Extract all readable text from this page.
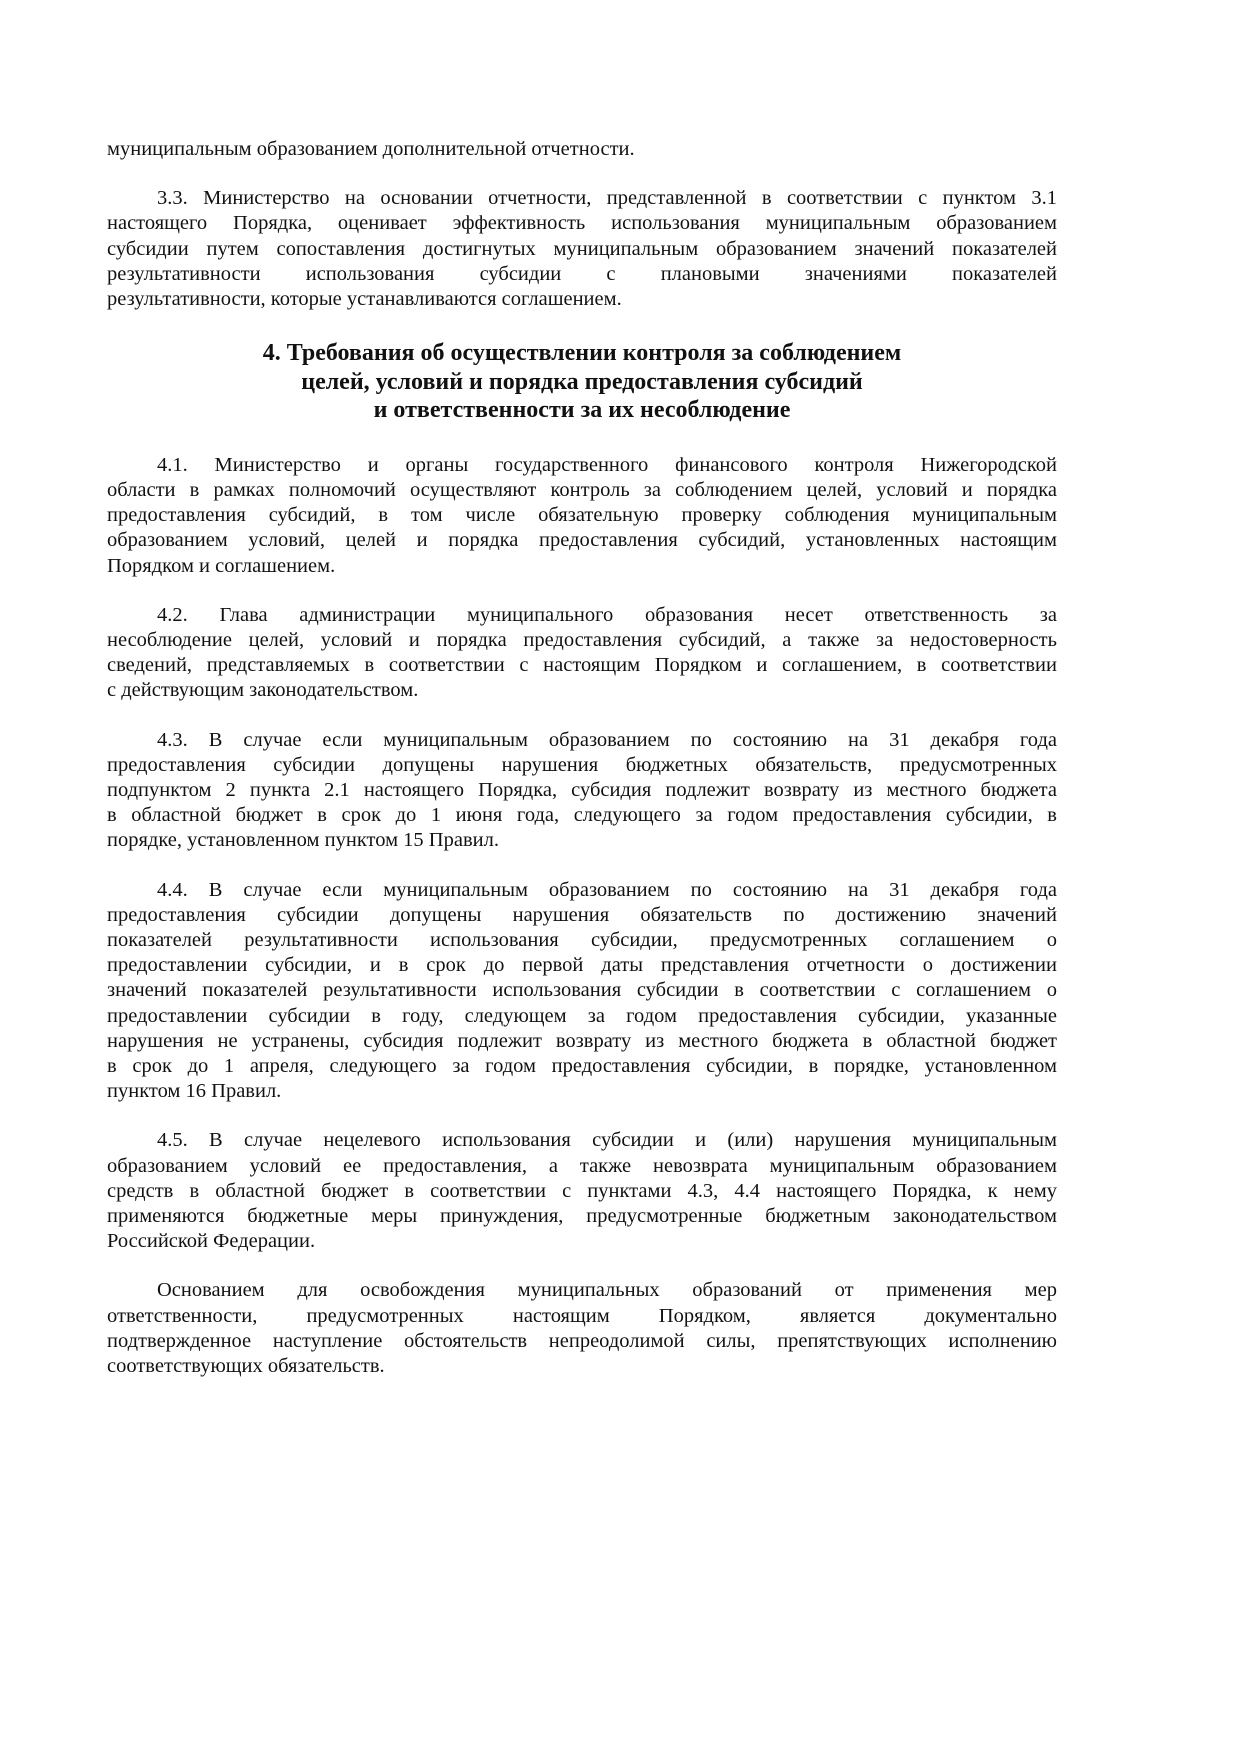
муниципальным образованием дополнительной отчетности.

3.3. Министерство на основании отчетности, представленной в соответствии с пунктом 3.1
настоящего Порядка, оценивает эффективность использования муниципальным образованием
субсидии путем сопоставления достигнутых муниципальным образованием значений показателей
результативности использования субсидии с плановыми значениями показателей
результативности, которые устанавливаются соглашением.

4. Требования об осуществлении контроля за соблюдением
целей, условий и порядка предоставления субсидий
и ответственности за их несоблюдение

4.1. Министерство и органы государственного финансового контроля Нижегородской
области в рамках полномочий осуществляют контроль за соблюдением целей, условий и порядка
предоставления субсидий, в том числе обязательную проверку соблюдения муниципальным
образованием условий, целей и порядка предоставления субсидий, установленных настоящим
Порядком и соглашением.

4.2. Глава администрации муниципального образования несет ответственность за
несоблюдение целей, условий и порядка предоставления субсидий, а также за недостоверность
сведений, представляемых в соответствии с настоящим Порядком и соглашением, в соответствии
с действующим законодательством.

4.3. В случае если муниципальным образованием по состоянию на 31 декабря года
предоставления субсидии допущены нарушения бюджетных обязательств, предусмотренных
подпунктом 2 пункта 2.1 настоящего Порядка, субсидия подлежит возврату из местного бюджета
в областной бюджет в срок до 1 июня года, следующего за годом предоставления субсидии, в
порядке, установленном пунктом 15 Правил.

4.4. В случае если муниципальным образованием по состоянию на 31 декабря года
предоставления субсидии допущены нарушения обязательств по достижению значений
показателей результативности использования субсидии, предусмотренных соглашением о
предоставлении субсидии, и в срок до первой даты представления отчетности о достижении
значений показателей результативности использования субсидии в соответствии с соглашением о
предоставлении субсидии в году, следующем за годом предоставления субсидии, указанные
нарушения не устранены, субсидия подлежит возврату из местного бюджета в областной бюджет
в срок до 1 апреля, следующего за годом предоставления субсидии, в порядке, установленном
пунктом 16 Правил.

4.5. В случае нецелевого использования субсидии и (или) нарушения муниципальным
образованием условий ее предоставления, а также невозврата муниципальным образованием
средств в областной бюджет в соответствии с пунктами 4.3, 4.4 настоящего Порядка, к нему
применяются бюджетные меры принуждения, предусмотренные бюджетным законодательством
Российской Федерации.

Основанием для освобождения муниципальных образований от применения мер
ответственности, предусмотренных настоящим Порядком, является документально
подтвержденное наступление обстоятельств непреодолимой силы, препятствующих исполнению
соответствующих обязательств.
